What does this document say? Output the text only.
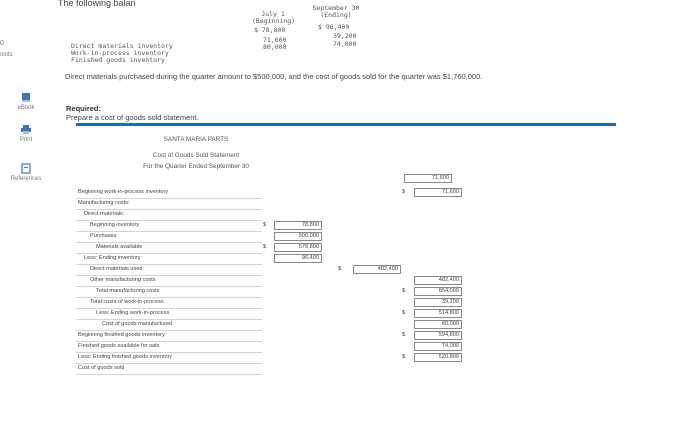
The following balan
0
oints
eBook
Print
References
July 1
(Beginning)
September 30
(Ending)
Direct materials inventory
$ 78,800	$ 96,400
Work-in-process inventory
71,600	39,200
Finished goods inventory
80,000	74,000
Direct materials purchased during the quarter amount to $500,000, and the cost of goods sold for the quarter was $1,760,000.
Required:
Prepare a cost of goods sold statement.
SANTA MARIA PARTS
Cost of Goods Sold Statement
For the Quarter Ended September 30
Beginning work-in-process inventory	71,600
$
Manufacturing costs:
Direct materials:
Beginning inventory	78,800
$
Purchases	500,000
Materials available	578,800
$
Less: Ending inventory	96,400
Direct materials used	482,400
$
Other manufacturing costs	482,400
Total manufacturing costs	654,000
$
Total costs of work-in-process	39,200
Less: Ending work-in-process	514,800
$
Cost of goods manufactured	80,000
Beginning finished goods inventory	594,800
$
Finished goods available for sale	74,000
Less: Ending finished goods inventory	520,800
$
Cost of goods sold
71,600
